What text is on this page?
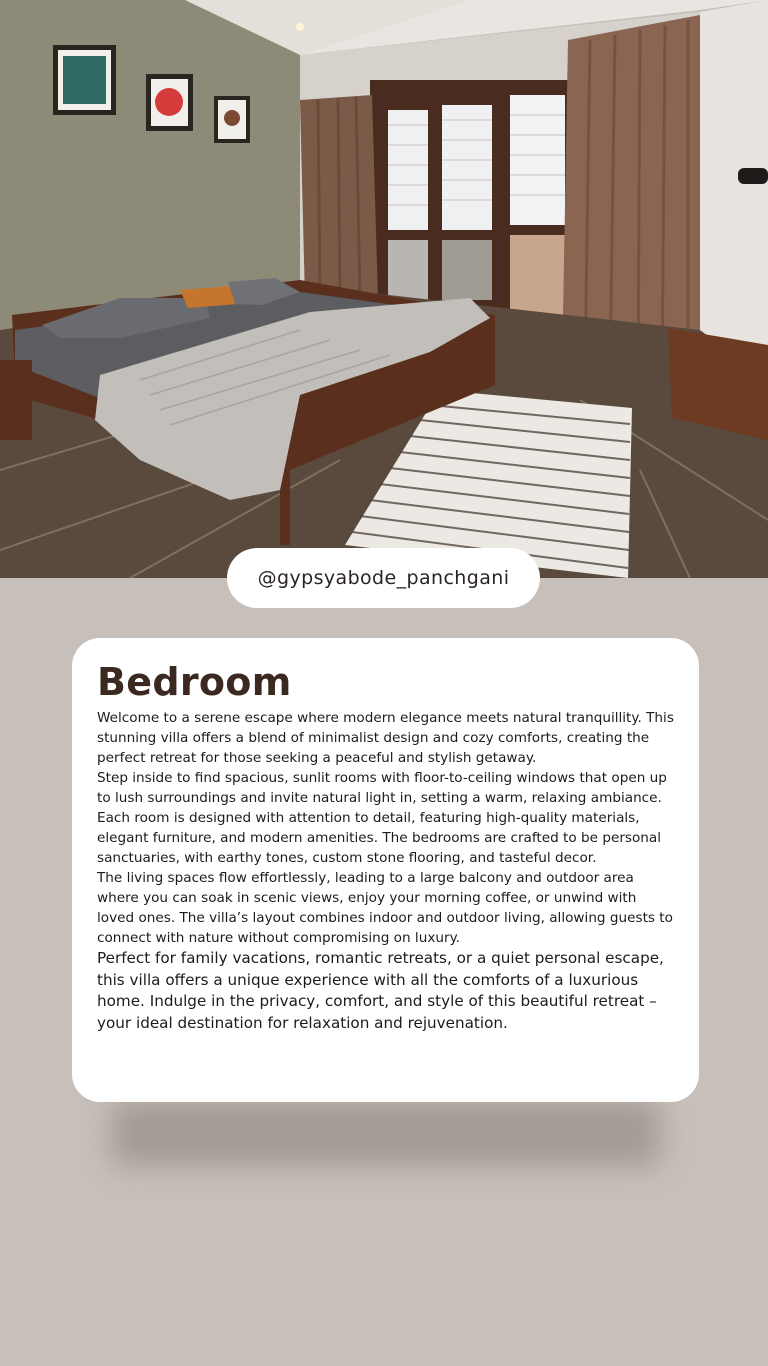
@gypsyabode_panchgani
Bedroom

Welcome to a serene escape where modern elegance meets natural tranquillity. This stunning villa offers a blend of minimalist design and cozy comforts, creating the perfect retreat for those seeking a peaceful and stylish getaway.

Step inside to find spacious, sunlit rooms with floor-to-ceiling windows that open up to lush surroundings and invite natural light in, setting a warm, relaxing ambiance. Each room is designed with attention to detail, featuring high-quality materials, elegant furniture, and modern amenities. The bedrooms are crafted to be personal sanctuaries, with earthy tones, custom stone flooring, and tasteful decor.

The living spaces flow effortlessly, leading to a large balcony and outdoor area where you can soak in scenic views, enjoy your morning coffee, or unwind with loved ones. The villa’s layout combines indoor and outdoor living, allowing guests to connect with nature without compromising on luxury.

Perfect for family vacations, romantic retreats, or a quiet personal escape, this villa offers a unique experience with all the comforts of a luxurious home. Indulge in the privacy, comfort, and style of this beautiful retreat – your ideal destination for relaxation and rejuvenation.
